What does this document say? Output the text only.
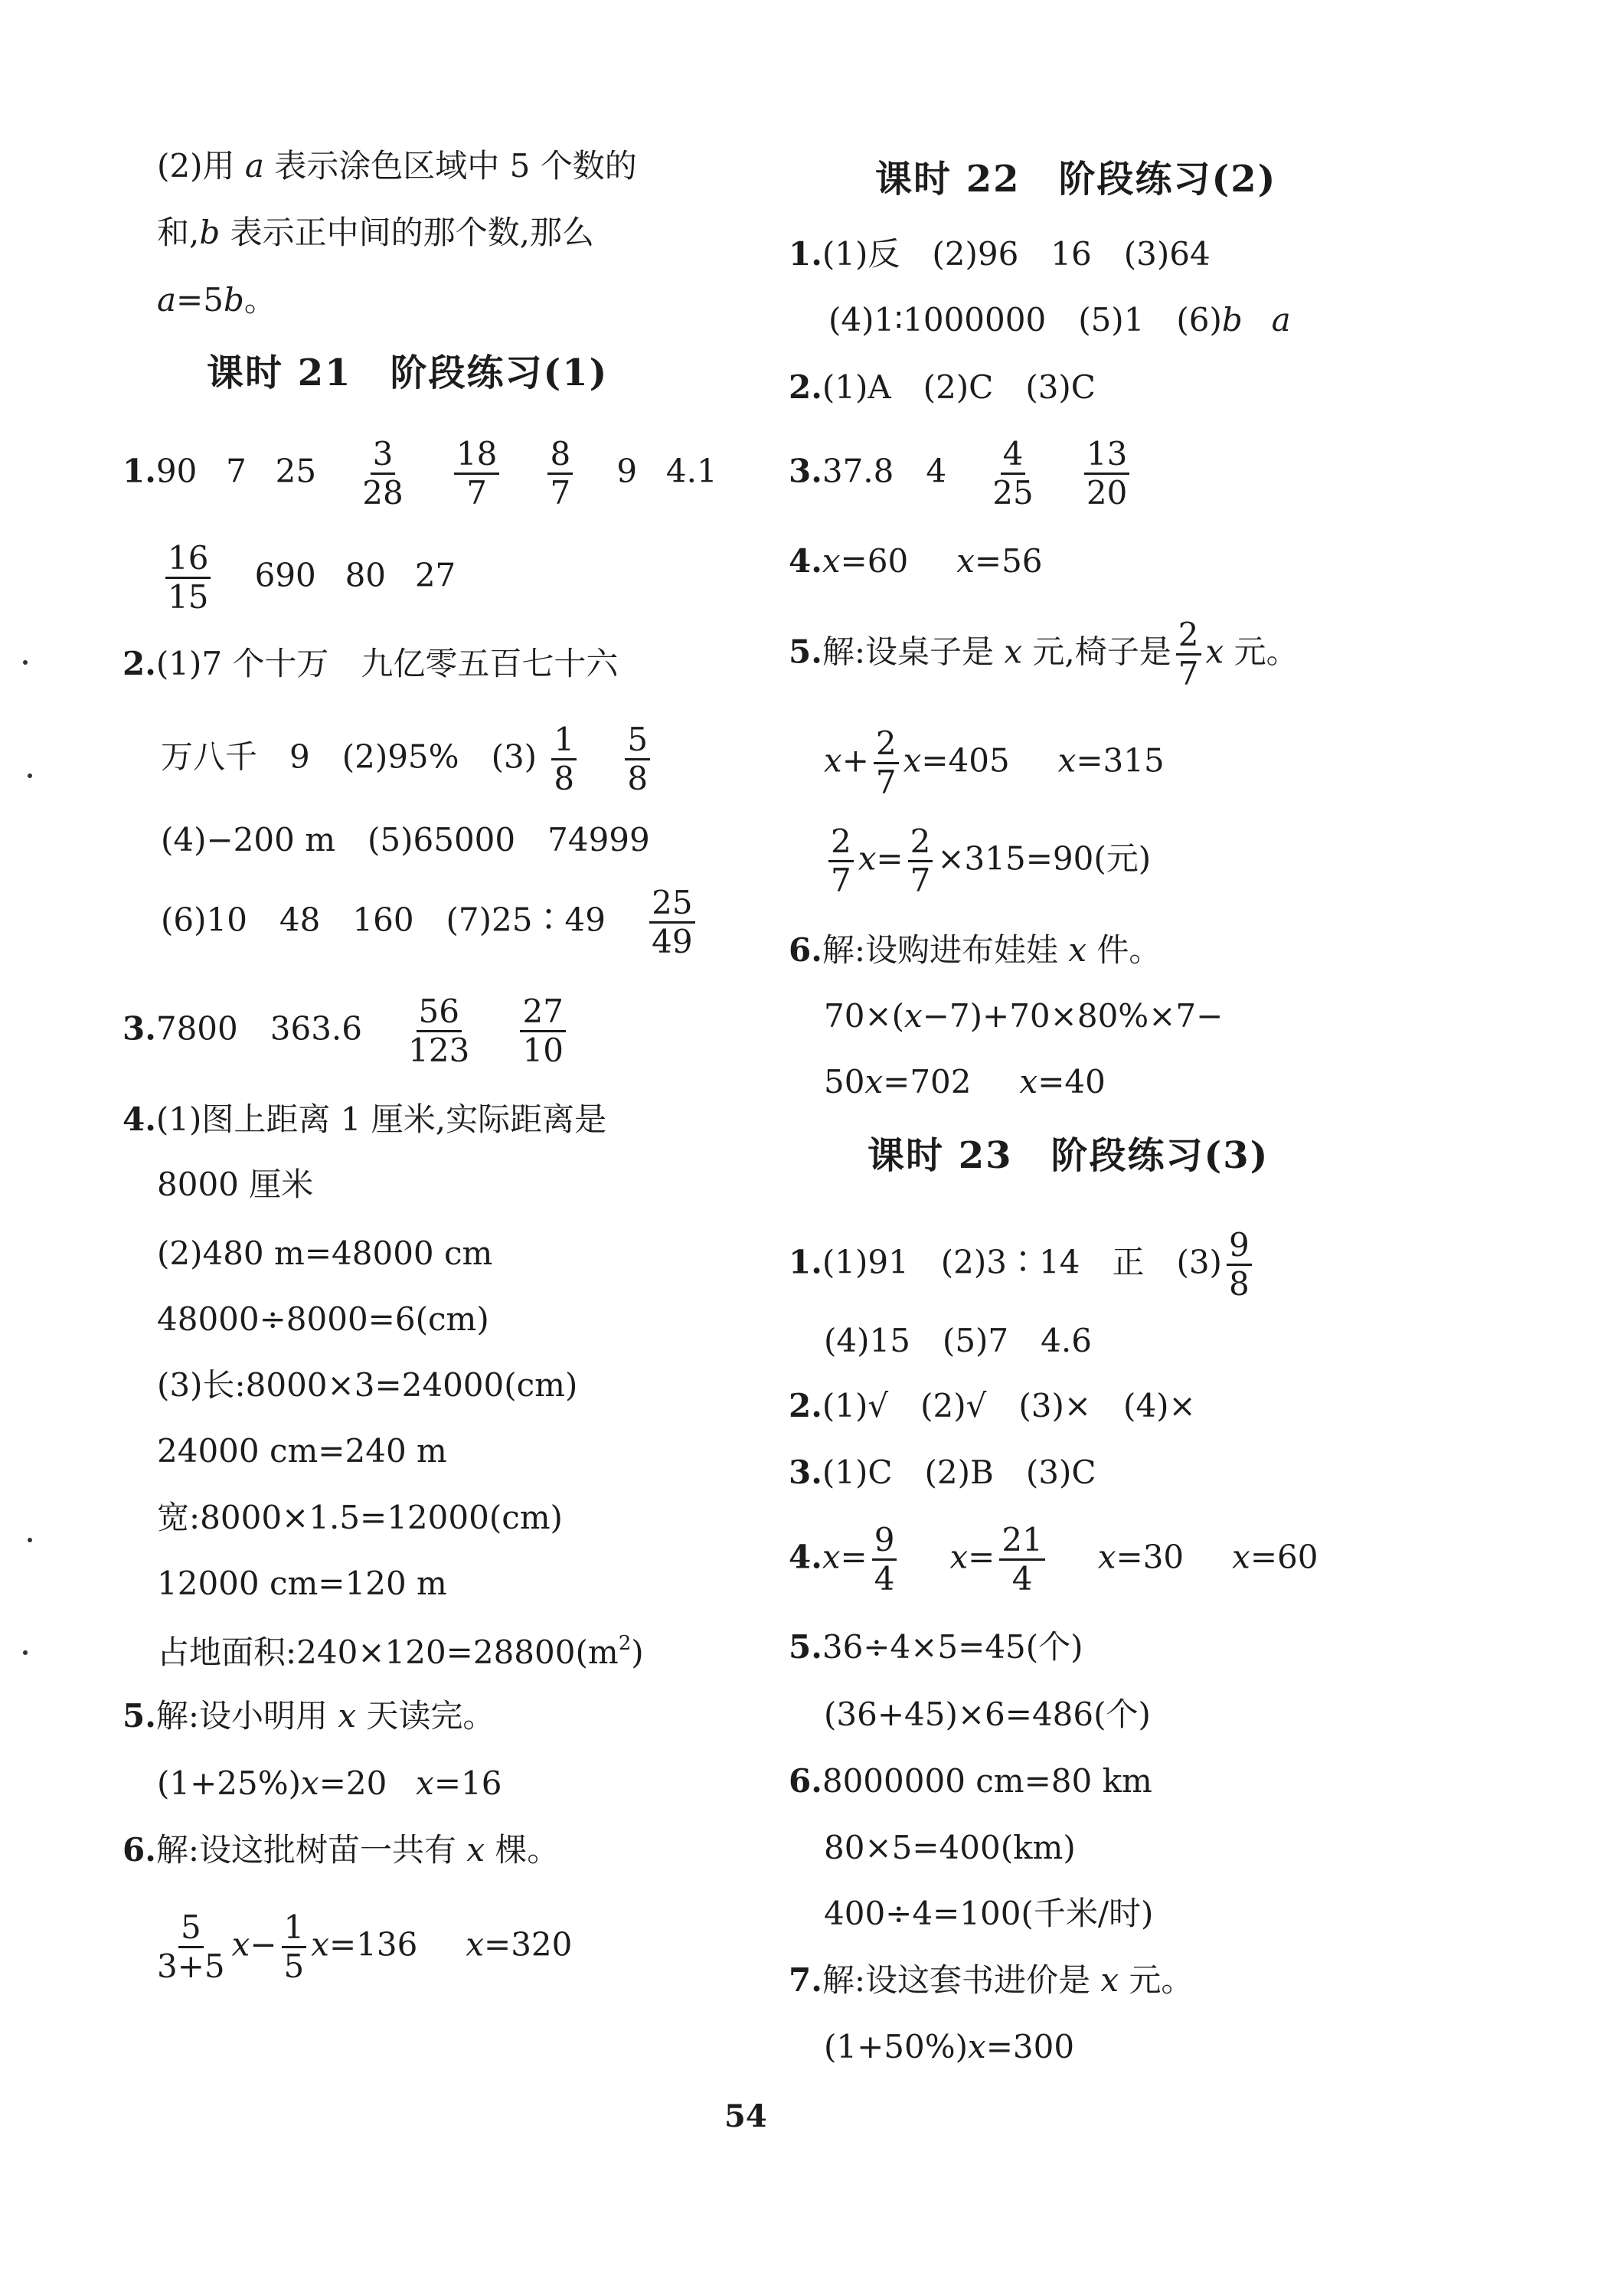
(2)用 a 表示涂色区域中 5 个数的
和,b 表示正中间的那个数,那么
a=5b。
课时 21　阶段练习(1)
1.90 7 $25 \frac{3}{28}$
$\frac{18}{7}$
$\frac{8}{7} 9$ 4.1
$\frac{16}{15} 690$ 80 27
2.(1)7 个十万　九亿零五百七十六
万八千　9　(2)95%　$(3) \frac{1}{8}$
$\frac{5}{8}$
(4)−200 m　(5)65000　74999
(6)10　48　160　(7)25∶49 $\frac{25}{49}$
3.7800　$363.6 \frac{56}{123}$
$\frac{27}{10}$
4.(1)图上距离 1 厘米,实际距离是
8000 厘米
(2)480 m=48000 cm
48000÷8000=6(cm)
(3)长:8000×3=24000(cm)
24000 cm=240 m
宽:8000×1.5=12000(cm)
12000 cm=120 m
占地面积$:240\times 120=28800(m^2)$
5.解:设小明用 x 天读完。
(1+25%)x=20 x=16
6.解:设这批树苗一共有 x 棵。
$\frac{5}{3+5} x- \frac{1}{5} x=136$ x=320
课时 22　阶段练习(2)
1.(1)反　(2)96　16　(3)64
(4)1∶1000000　(5)1　(6)b a
2.(1)A　(2)C　(3)C
3.37.8　$4 \frac{4}{25}$
$\frac{13}{20}$
4.x=60 x=56
5.解:设桌子是 x 元,椅子是 $\frac{2}{7}$ x 元。
$x+ \frac{2}{7} x=405$ x=315
$\frac{2}{7} x= \frac{2}{7} \times 315=90$(元)
6.解:设购进布娃娃 x 件。
70×(x−7)+70×80%×7−
50x=702 x=40
课时 23　阶段练习(3)
1.(1)91　(2)3∶14　正　$(3) \frac{9}{8}$
(4)15　(5)7　4.6
2.(1)√　(2)√　(3)×　(4)×
3.(1)C　(2)B　(3)C
$4.x= \frac{9}{4} x= \frac{21}{4} x=30$ x=60
5.36÷4×5=45(个)
(36+45)×6=486(个)
6.8000000 cm=80 km
80×5=400(km)
400÷4=100(千米/时)
7.解:设这套书进价是 x 元。
(1+50%)x=300
54
